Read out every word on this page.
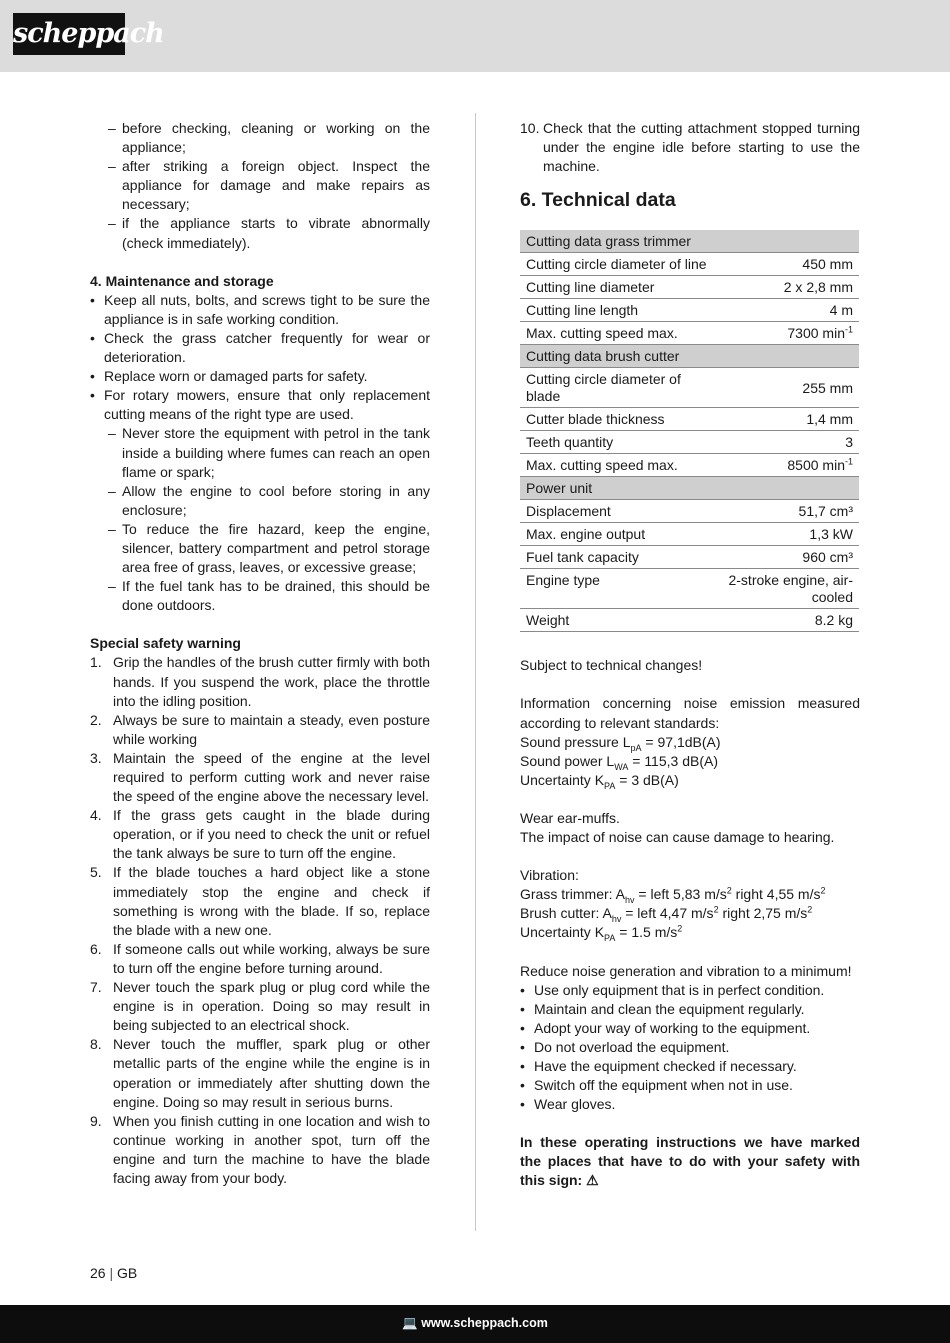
scheppach
– before checking, cleaning or working on the appliance;
– after striking a foreign object. Inspect the appliance for damage and make repairs as necessary;
– if the appliance starts to vibrate abnormally (check immediately).

4. Maintenance and storage

• Keep all nuts, bolts, and screws tight to be sure the appliance is in safe working condition.
• Check the grass catcher frequently for wear or deterioration.
• Replace worn or damaged parts for safety.
• For rotary mowers, ensure that only replacement cutting means of the right type are used.
– Never store the equipment with petrol in the tank inside a building where fumes can reach an open flame or spark;
– Allow the engine to cool before storing in any enclosure;
– To reduce the fire hazard, keep the engine, silencer, battery compartment and petrol storage area free of grass, leaves, or excessive grease;
– If the fuel tank has to be drained, this should be done outdoors.

Special safety warning

1. Grip the handles of the brush cutter firmly with both hands. If you suspend the work, place the throttle into the idling position.
2. Always be sure to maintain a steady, even posture while working
3. Maintain the speed of the engine at the level required to perform cutting work and never raise the speed of the engine above the necessary level.
4. If the grass gets caught in the blade during operation, or if you need to check the unit or refuel the tank always be sure to turn off the engine.
5. If the blade touches a hard object like a stone immediately stop the engine and check if something is wrong with the blade. If so, replace the blade with a new one.
6. If someone calls out while working, always be sure to turn off the engine before turning around.
7. Never touch the spark plug or plug cord while the engine is in operation. Doing so may result in being subjected to an electrical shock.
8. Never touch the muffler, spark plug or other metallic parts of the engine while the engine is in operation or immediately after shutting down the engine. Doing so may result in serious burns.
9. When you finish cutting in one location and wish to continue working in another spot, turn off the engine and turn the machine to have the blade facing away from your body.
10. Check that the cutting attachment stopped turning under the engine idle before starting to use the machine.
6. Technical data
Cutting data grass trimmer	
Cutting circle diameter of line	450 mm
Cutting line diameter	2 x 2,8 mm
Cutting line length	4 m
Max. cutting speed max.	7300 $\min^{-1}$
Cutting data brush cutter	
Cutting circle diameter of blade	255 mm
Cutter blade thickness	1,4 mm
Teeth quantity	3
Max. cutting speed max.	8500 $\min^{-1}$
Power unit	
Displacement	51,7 cm³
Max. engine output	1,3 kW
Fuel tank capacity	960 cm³
Engine type	2-stroke engine, air-cooled
Weight	8.2 kg

Subject to technical changes!

Information concerning noise emission measured according to relevant standards:

Sound pressure $L_{pA} = 97,1dB(A)$

Sound power $L_{WA} = 115,3$ dB(A)

Uncertainty $K_{PA} = 3$ dB(A)

Wear ear-muffs.

The impact of noise can cause damage to hearing.

Vibration:

Grass trimmer: $A_{hv}$ = left 5,83 $m/s^2$ right 4,55 $m/s^2$

Brush cutter: $A_{hv}$ = left 4,47 $m/s^2$ right 2,75 $m/s^2$

Uncertainty $K_{PA} = 1.5$ $m/s^2$

Reduce noise generation and vibration to a minimum!

• Use only equipment that is in perfect condition.
• Maintain and clean the equipment regularly.
• Adopt your way of working to the equipment.
• Do not overload the equipment.
• Have the equipment checked if necessary.
• Switch off the equipment when not in use.
• Wear gloves.

In these operating instructions we have marked the places that have to do with your safety with this sign: ⚠

26 | GB
💻 www.scheppach.com
